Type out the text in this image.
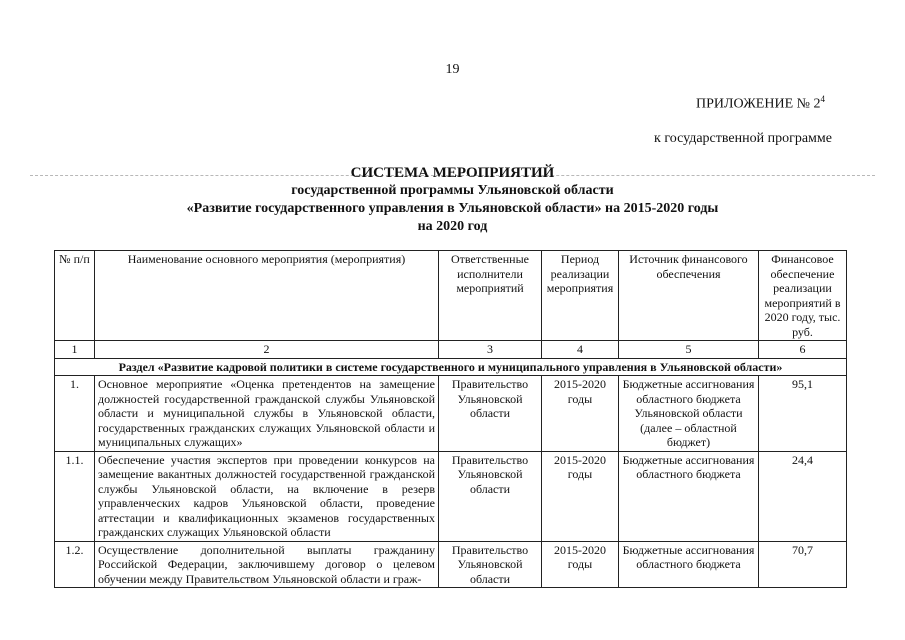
19
ПРИЛОЖЕНИЕ № $2^4$
к государственной программе
СИСТЕМА МЕРОПРИЯТИЙ
государственной программы Ульяновской области
«Развитие государственного управления в Ульяновской области» на 2015-2020 годы
на 2020 год
№ п/п	Наименование основного мероприятия (мероприятия)	Ответственные исполнители мероприятий	Период реализации мероприятия	Источник финансового обеспечения	Финансовое обеспечение реализации мероприятий в 2020 году, тыс. руб.
1	2	3	4	5	6
Раздел «Развитие кадровой политики в системе государственного и муниципального управления в Ульяновской области»					
1.	Основное мероприятие «Оценка претендентов на замещение должностей государственной гражданской службы Ульяновской области и муниципальной службы в Ульяновской области, государственных гражданских служащих Ульяновской области и муниципальных служащих»	Правительство Ульяновской области	2015-2020 годы	Бюджетные ассигнования областного бюджета Ульяновской области (далее – областной бюджет)	95,1
1.1.	Обеспечение участия экспертов при проведении конкурсов на замещение вакантных должностей государственной гражданской службы Ульяновской области, на включение в резерв управленческих кадров Ульяновской области, проведение аттестации и квалификационных экзаменов государственных гражданских служащих Ульяновской области	Правительство Ульяновской области	2015-2020 годы	Бюджетные ассигнования областного бюджета	24,4
1.2.	Осуществление дополнительной выплаты гражданину Российской Федерации, заключившему договор о целевом обучении между Правительством Ульяновской области и граж-	Правительство Ульяновской области	2015-2020 годы	Бюджетные ассигнования областного бюджета	70,7
